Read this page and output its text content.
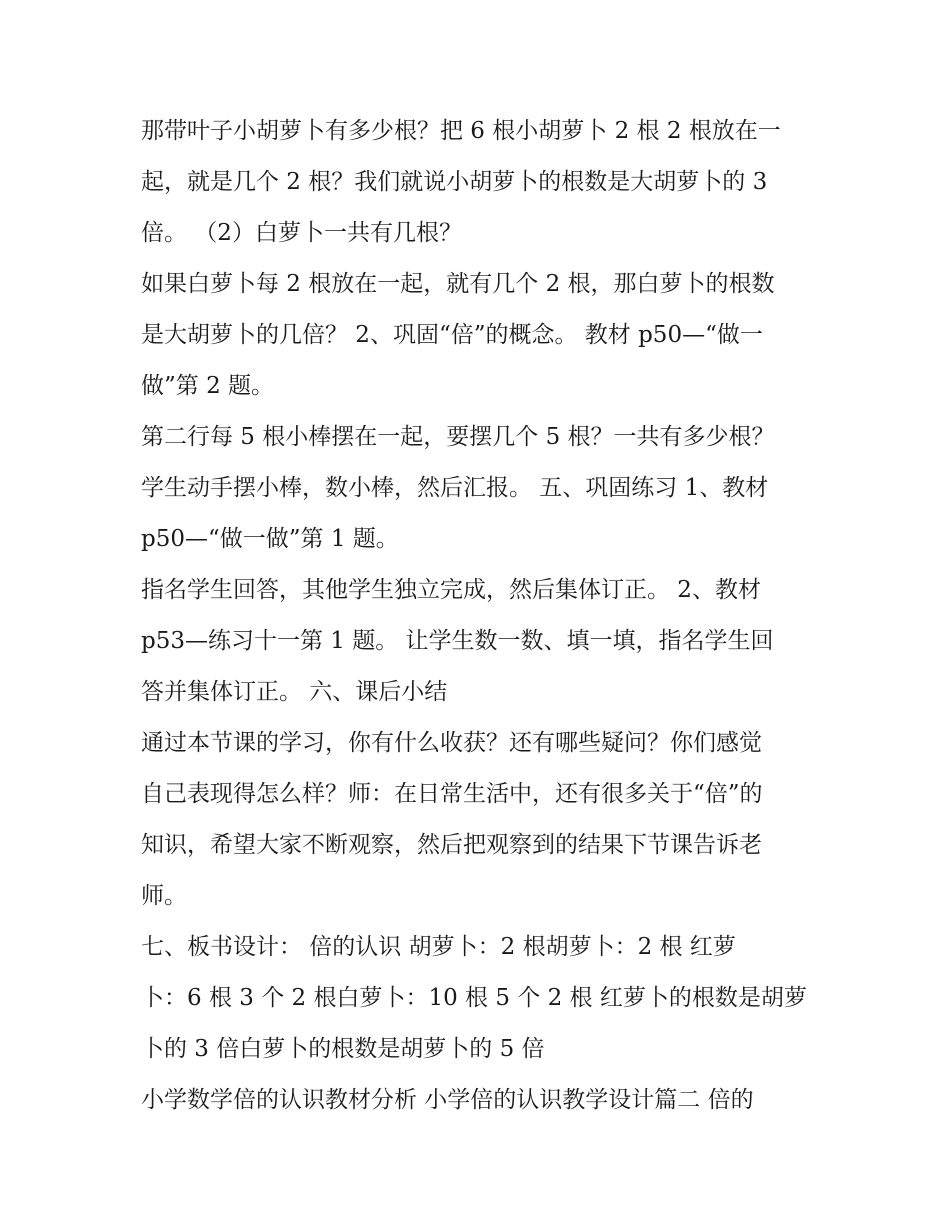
那带叶子小胡萝卜有多少根？把 6 根小胡萝卜 2 根 2 根放在一
起，就是几个 2 根？我们就说小胡萝卜的根数是大胡萝卜的 3
倍。 （2）白萝卜一共有几根？

如果白萝卜每 2 根放在一起，就有几个 2 根，那白萝卜的根数
是大胡萝卜的几倍？ 2、巩固“倍”的概念。 教材 p50—“做一
做”第 2 题。

第二行每 5 根小棒摆在一起，要摆几个 5 根？一共有多少根？
学生动手摆小棒，数小棒，然后汇报。 五、巩固练习 1、教材
p50—“做一做”第 1 题。

指名学生回答，其他学生独立完成，然后集体订正。 2、教材
p53—练习十一第 1 题。 让学生数一数、填一填，指名学生回
答并集体订正。 六、课后小结

通过本节课的学习，你有什么收获？还有哪些疑问？你们感觉
自己表现得怎么样？师：在日常生活中，还有很多关于“倍”的
知识，希望大家不断观察，然后把观察到的结果下节课告诉老
师。

七、板书设计： 倍的认识 胡萝卜：2 根胡萝卜：2 根 红萝
卜：6 根 3 个 2 根白萝卜：10 根 5 个 2 根 红萝卜的根数是胡萝
卜的 3 倍白萝卜的根数是胡萝卜的 5 倍

小学数学倍的认识教材分析 小学倍的认识教学设计篇二 倍的
